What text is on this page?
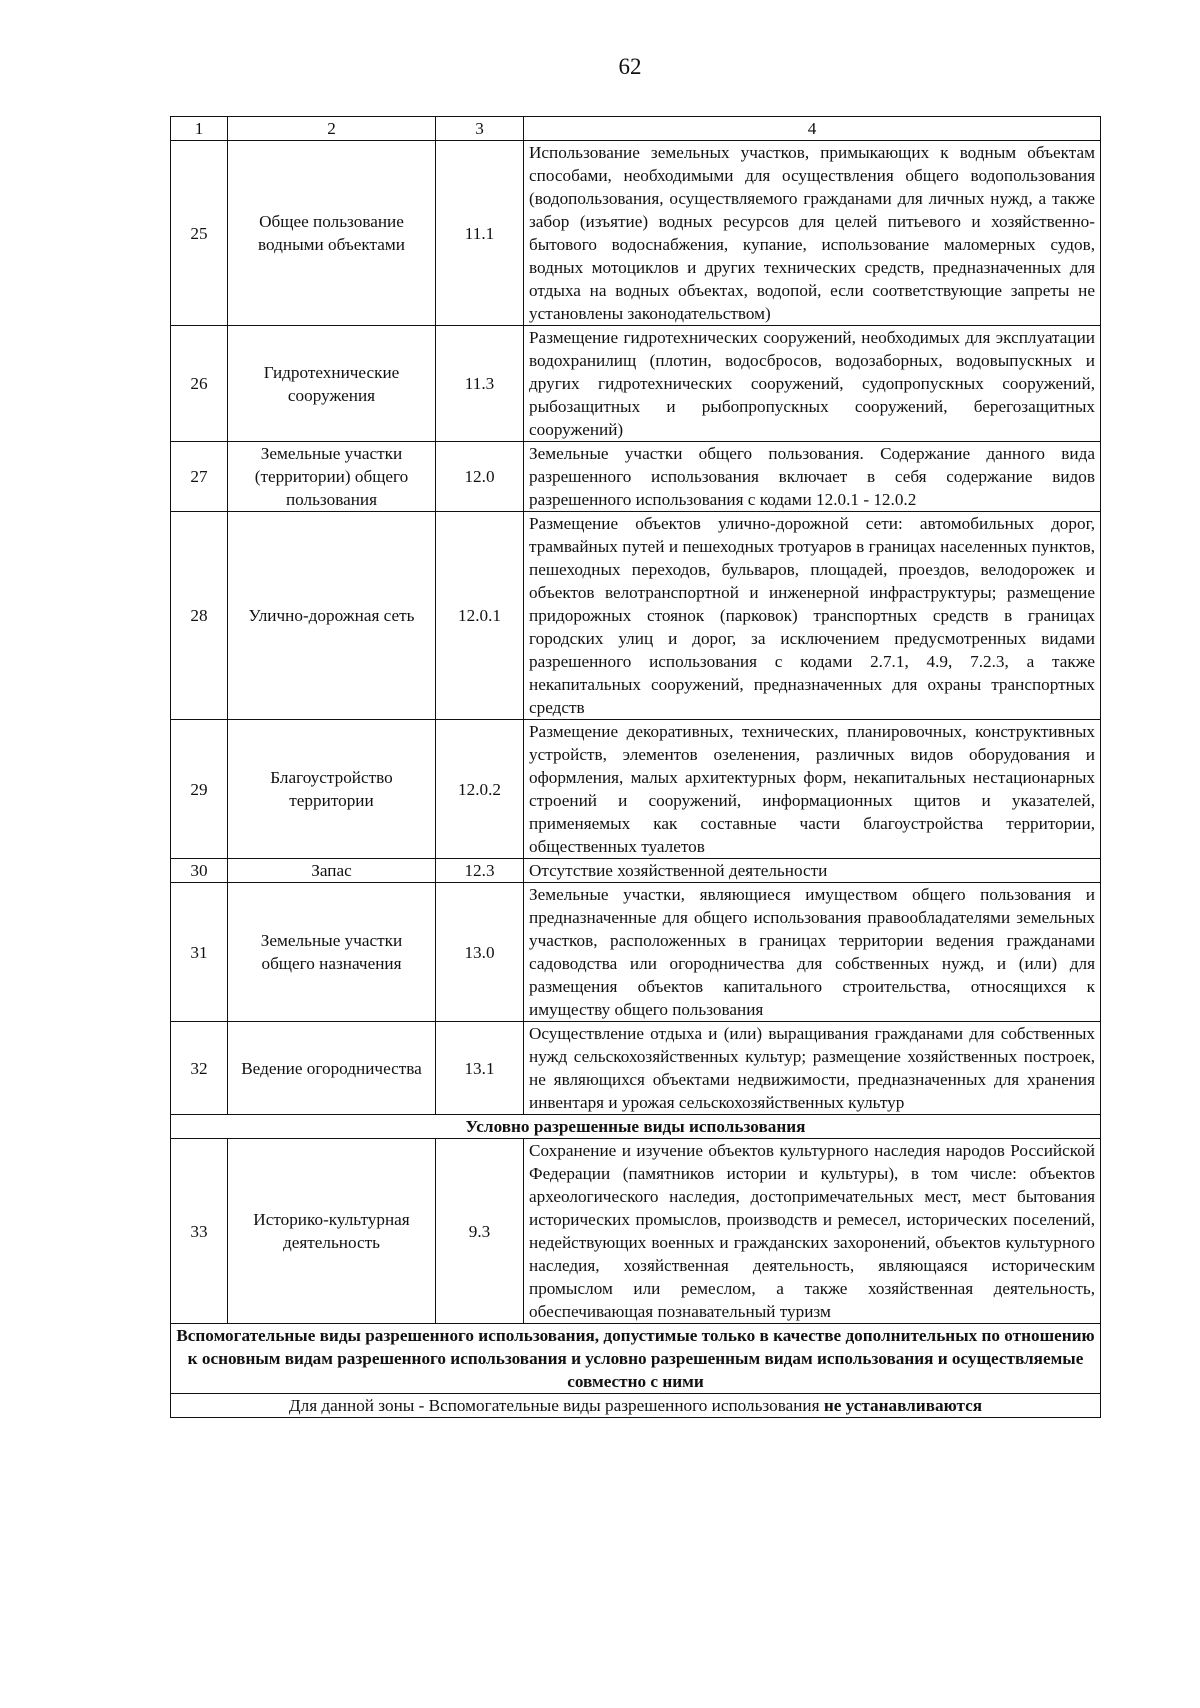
62
1	2	3	4
25	Общее пользование водными объектами	11.1	Использование земельных участков, примыкающих к водным объектам способами, необходимыми для осуществления общего водопользования (водопользования, осуществляемого гражданами для личных нужд, а также забор (изъятие) водных ресурсов для целей питьевого и хозяйственно-бытового водоснабжения, купание, использование маломерных судов, водных мотоциклов и других технических средств, предназначенных для отдыха на водных объектах, водопой, если соответствующие запреты не установлены законодательством)
26	Гидротехнические сооружения	11.3	Размещение гидротехнических сооружений, необходимых для эксплуатации водохранилищ (плотин, водосбросов, водозаборных, водовыпускных и других гидротехнических сооружений, судопропускных сооружений, рыбозащитных и рыбопропускных сооружений, берегозащитных сооружений)
27	Земельные участки (территории) общего пользования	12.0	Земельные участки общего пользования. Содержание данного вида разрешенного использования включает в себя содержание видов разрешенного использования с кодами 12.0.1 - 12.0.2
28	Улично-дорожная сеть	12.0.1	Размещение объектов улично-дорожной сети: автомобильных дорог, трамвайных путей и пешеходных тротуаров в границах населенных пунктов, пешеходных переходов, бульваров, площадей, проездов, велодорожек и объектов велотранспортной и инженерной инфраструктуры; размещение придорожных стоянок (парковок) транспортных средств в границах городских улиц и дорог, за исключением предусмотренных видами разрешенного использования с кодами 2.7.1, 4.9, 7.2.3, а также некапитальных сооружений, предназначенных для охраны транспортных средств
29	Благоустройство территории	12.0.2	Размещение декоративных, технических, планировочных, конструктивных устройств, элементов озеленения, различных видов оборудования и оформления, малых архитектурных форм, некапитальных нестационарных строений и сооружений, информационных щитов и указателей, применяемых как составные части благоустройства территории, общественных туалетов
30	Запас	12.3	Отсутствие хозяйственной деятельности
31	Земельные участки общего назначения	13.0	Земельные участки, являющиеся имуществом общего пользования и предназначенные для общего использования правообладателями земельных участков, расположенных в границах территории ведения гражданами садоводства или огородничества для собственных нужд, и (или) для размещения объектов капитального строительства, относящихся к имуществу общего пользования
32	Ведение огородничества	13.1	Осуществление отдыха и (или) выращивания гражданами для собственных нужд сельскохозяйственных культур; размещение хозяйственных построек, не являющихся объектами недвижимости, предназначенных для хранения инвентаря и урожая сельскохозяйственных культур
Условно разрешенные виды использования			
33	Историко-культурная деятельность	9.3	Сохранение и изучение объектов культурного наследия народов Российской Федерации (памятников истории и культуры), в том числе: объектов археологического наследия, достопримечательных мест, мест бытования исторических промыслов, производств и ремесел, исторических поселений, недействующих военных и гражданских захоронений, объектов культурного наследия, хозяйственная деятельность, являющаяся историческим промыслом или ремеслом, а также хозяйственная деятельность, обеспечивающая познавательный туризм
Вспомогательные виды разрешенного использования, допустимые только в качестве дополнительных по отношению к основным видам разрешенного использования и условно разрешенным видам использования и осуществляемые совместно с ними			
Для данной зоны - Вспомогательные виды разрешенного использования не устанавливаются			
